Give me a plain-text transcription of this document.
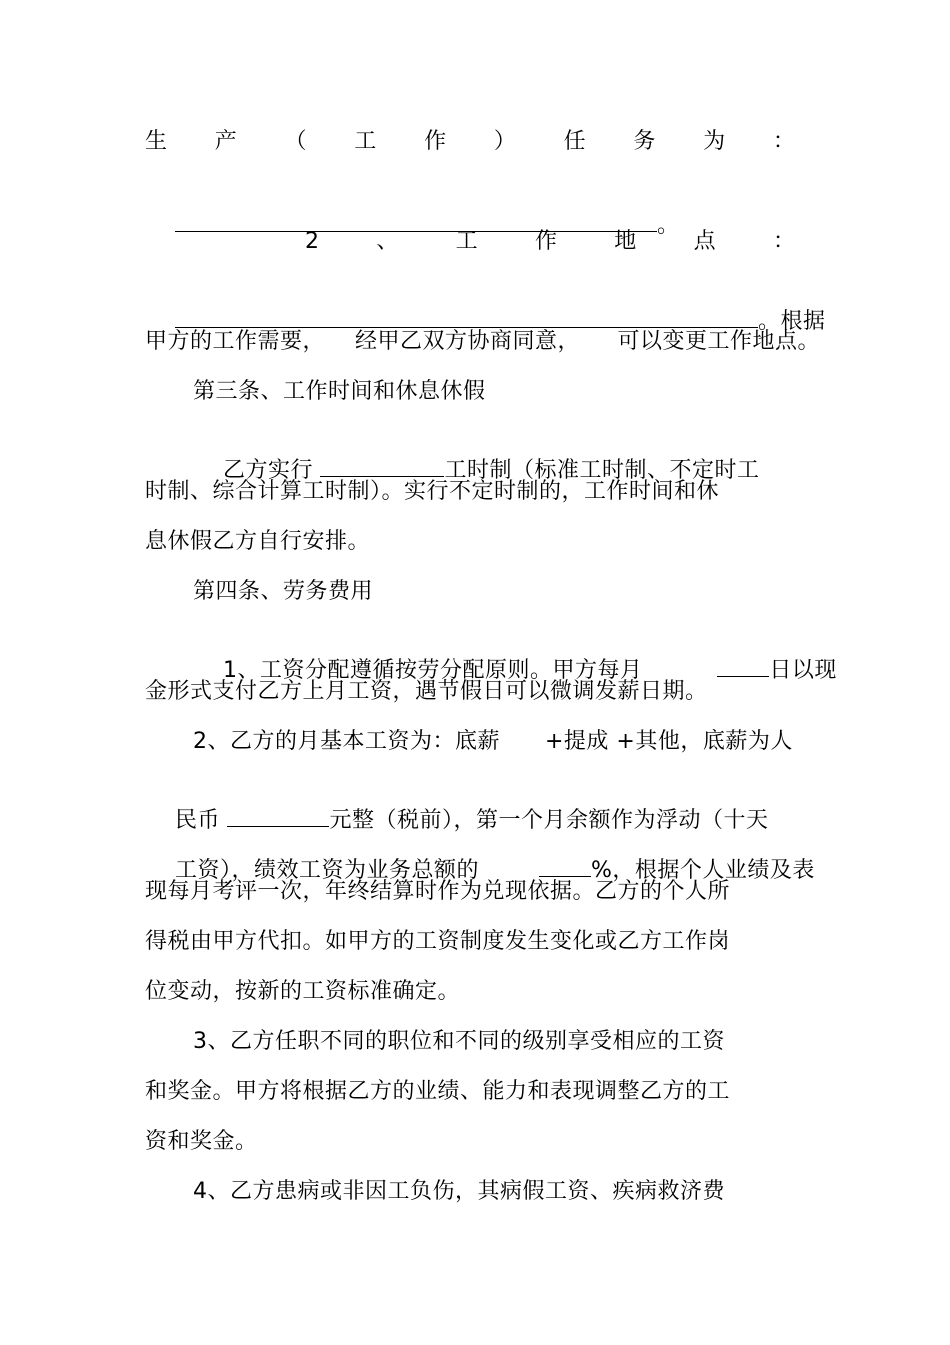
生 产 （ 工 作 ） 任 务 为 ：

。

2	、	工	作	地	点	：

。根据

甲方的工作需要，    经甲乙双方协商同意，     可以变更工作地点。
第三条、工作时间和休息休假

乙方实行	工时制（标准工时制、不定时工

时制、综合计算工时制）。实行不定时制的，工作时间和休
息休假乙方自行安排。
第四条、劳务费用

1、工资分配遵循按劳分配原则。甲方每月          日以现

金形式支付乙方上月工资，遇节假日可以微调发薪日期。
2、乙方的月基本工资为：底薪      +提成 +其他，底薪为人

民币	元整（税前），第一个月余额作为浮动（十天

工资），绩效工资为业务总额的        %，根据个人业绩及表

现每月考评一次，年终结算时作为兑现依据。乙方的个人所
得税由甲方代扣。如甲方的工资制度发生变化或乙方工作岗
位变动，按新的工资标准确定。
3、乙方任职不同的职位和不同的级别享受相应的工资
和奖金。甲方将根据乙方的业绩、能力和表现调整乙方的工
资和奖金。
4、乙方患病或非因工负伤，其病假工资、疾病救济费
